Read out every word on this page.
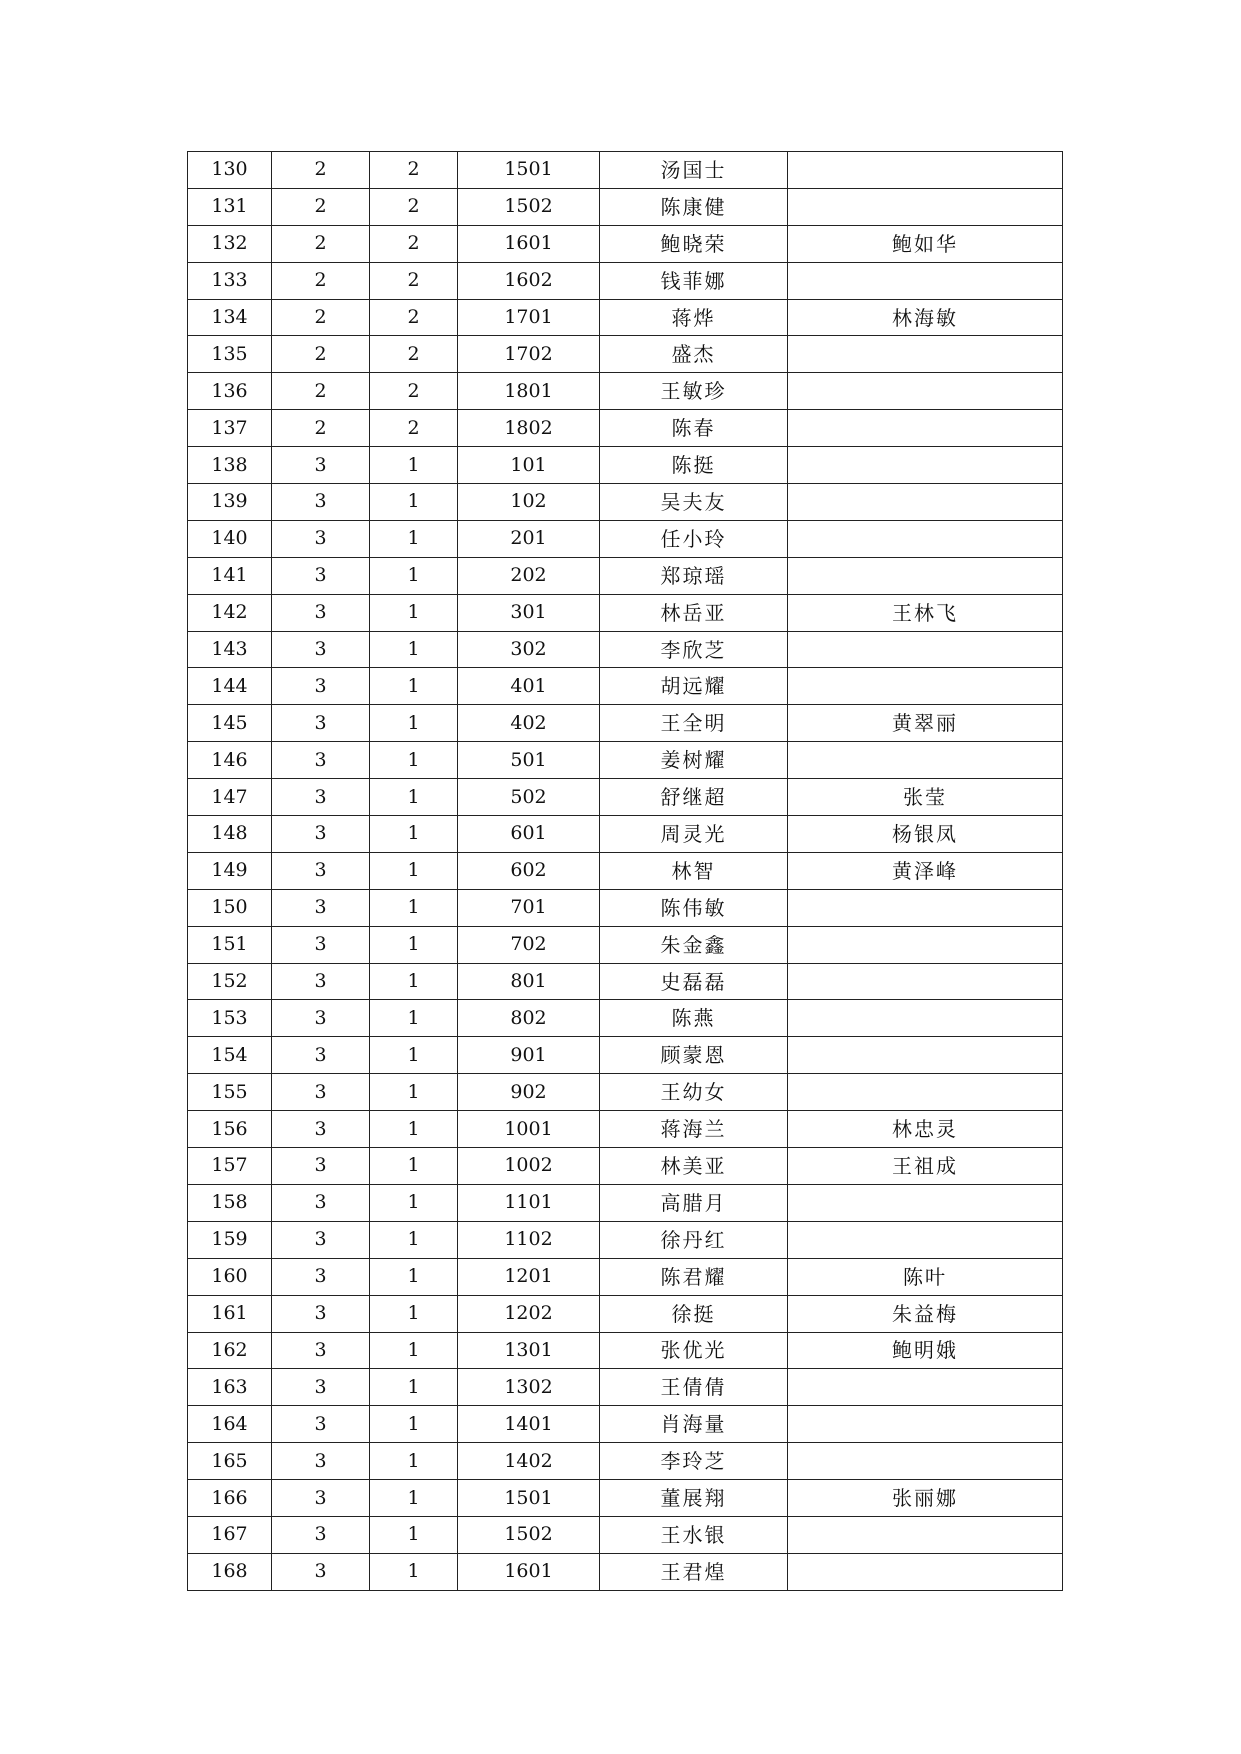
130	2	2	1501	汤国士	
131	2	2	1502	陈康健	
132	2	2	1601	鲍晓荣	鲍如华
133	2	2	1602	钱菲娜	
134	2	2	1701	蒋烨	林海敏
135	2	2	1702	盛杰	
136	2	2	1801	王敏珍	
137	2	2	1802	陈春	
138	3	1	101	陈挺	
139	3	1	102	吴夫友	
140	3	1	201	任小玲	
141	3	1	202	郑琼瑶	
142	3	1	301	林岳亚	王林飞
143	3	1	302	李欣芝	
144	3	1	401	胡远耀	
145	3	1	402	王全明	黄翠丽
146	3	1	501	姜树耀	
147	3	1	502	舒继超	张莹
148	3	1	601	周灵光	杨银凤
149	3	1	602	林智	黄泽峰
150	3	1	701	陈伟敏	
151	3	1	702	朱金鑫	
152	3	1	801	史磊磊	
153	3	1	802	陈燕	
154	3	1	901	顾蒙恩	
155	3	1	902	王幼女	
156	3	1	1001	蒋海兰	林忠灵
157	3	1	1002	林美亚	王祖成
158	3	1	1101	高腊月	
159	3	1	1102	徐丹红	
160	3	1	1201	陈君耀	陈叶
161	3	1	1202	徐挺	朱益梅
162	3	1	1301	张优光	鲍明娥
163	3	1	1302	王倩倩	
164	3	1	1401	肖海量	
165	3	1	1402	李玲芝	
166	3	1	1501	董展翔	张丽娜
167	3	1	1502	王水银	
168	3	1	1601	王君煌	
